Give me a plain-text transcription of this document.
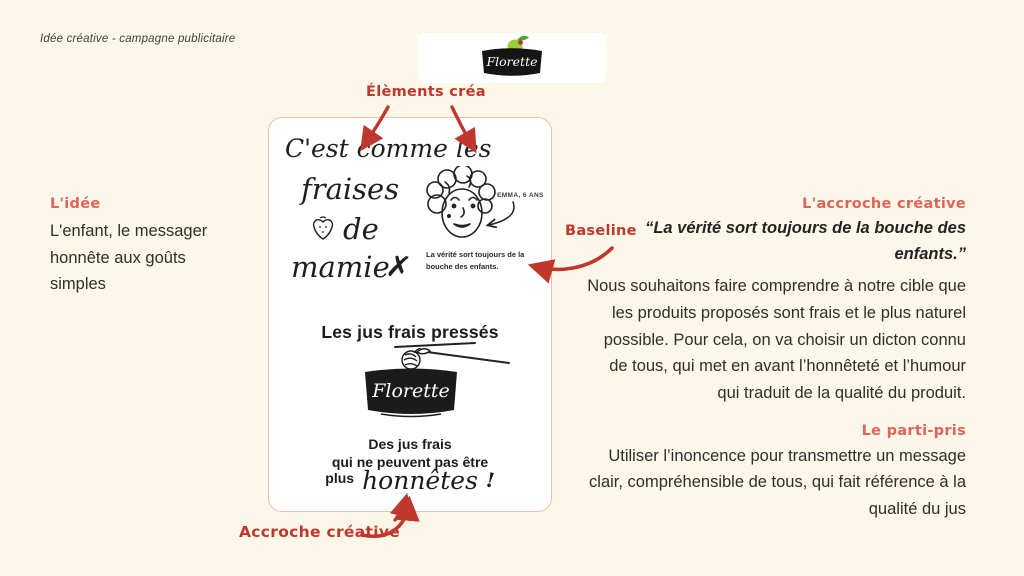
Idée créative - campagne publicitaire
Florette
C'est comme les
fraises
de
mamie✗
EMMA, 6 ANS
La vérité sort toujours de la bouche des enfants.
Les jus frais pressés
Florette
Des jus frais
qui ne peuvent pas être
plus honnêtes !
L'idée
L'enfant, le messager honnête aux goûts simples
L'accroche créative
“La vérité sort toujours de la bouche des enfants.”
Nous souhaitons faire comprendre à notre cible que les produits proposés sont frais et le plus naturel possible. Pour cela, on va choisir un dicton connu de tous, qui met en avant l’honnêteté et l’humour qui traduit de la qualité du produit.
Le parti-pris
Utiliser l’inoncence pour transmettre un message clair, compréhensible de tous, qui fait référence à la qualité du jus
Élèments créa
Baseline
Accroche créative
